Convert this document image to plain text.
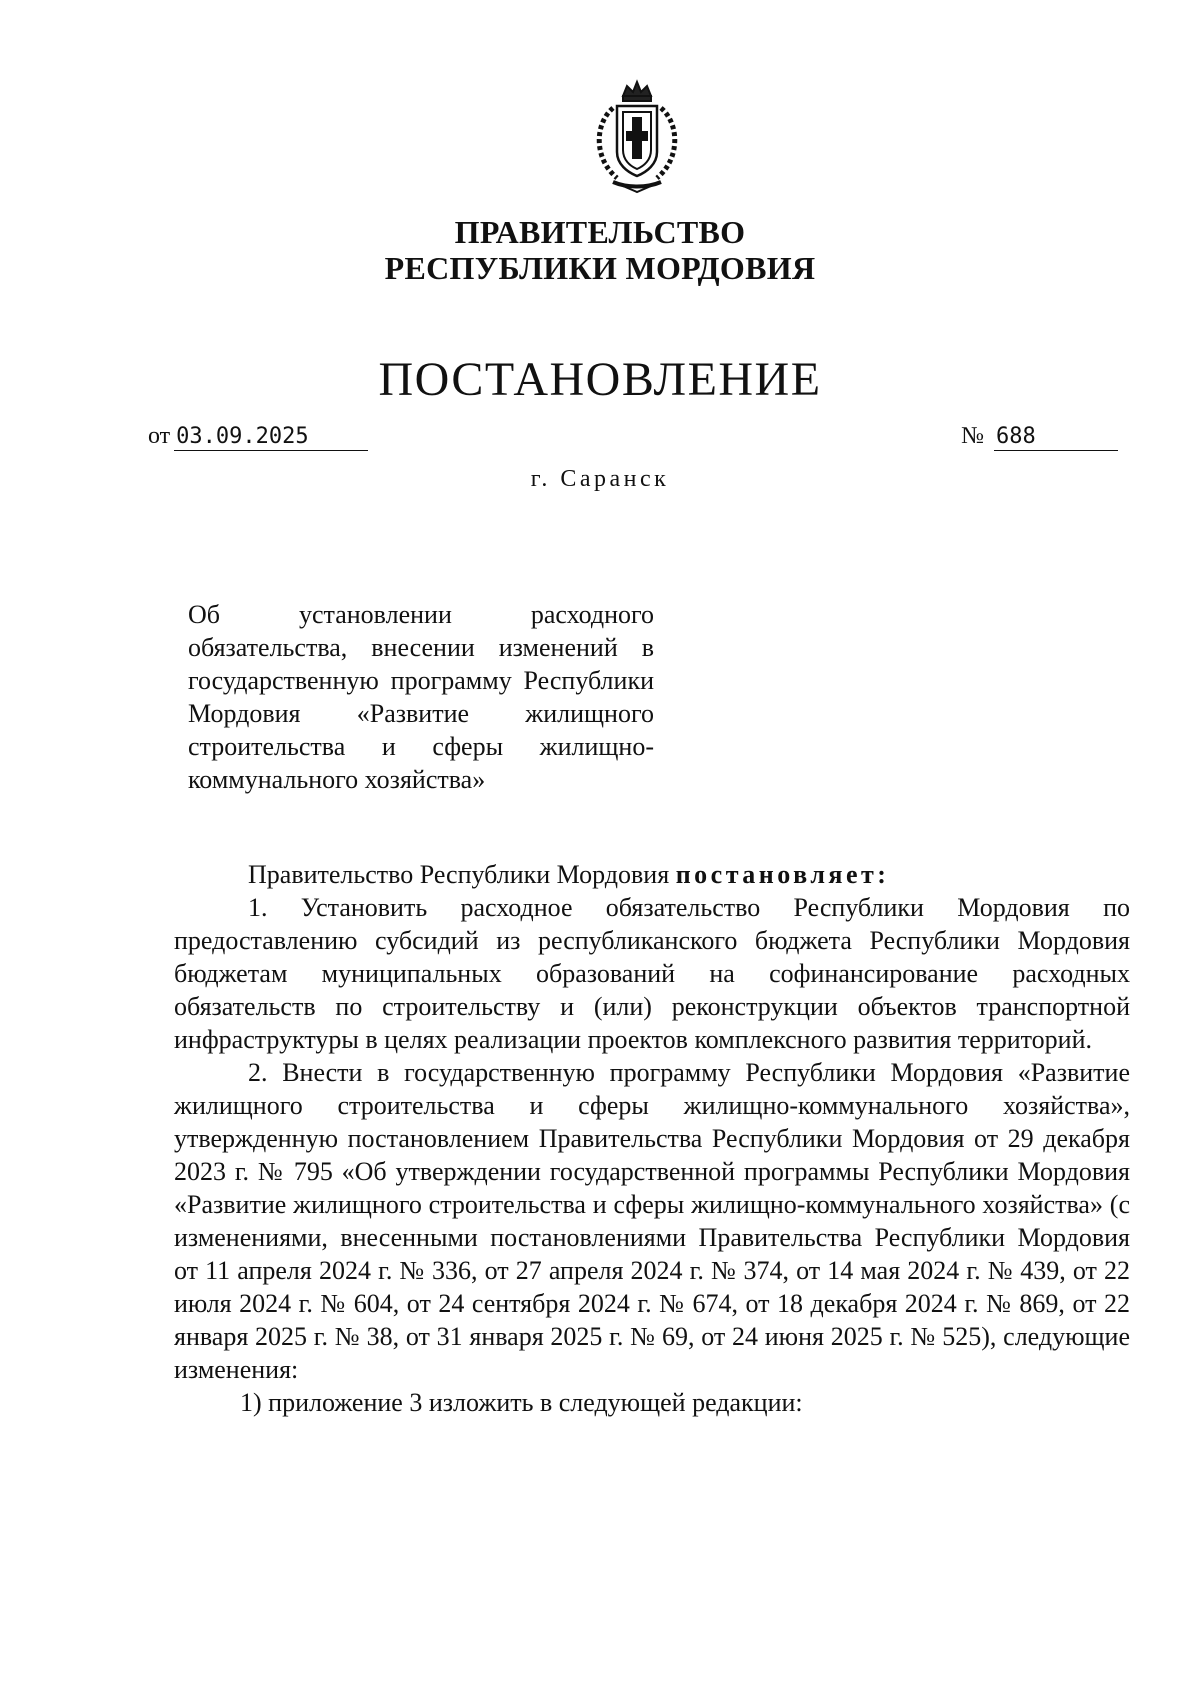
ПРАВИТЕЛЬСТВО
РЕСПУБЛИКИ МОРДОВИЯ
ПОСТАНОВЛЕНИЕ
от 03.09.2025	№ 688
г. Саранск
Об установлении расходного обязательства, внесении изменений в государственную программу Республики Мордовия «Развитие жилищного строительства и сферы жилищно-коммунального хозяйства»

Правительство Республики Мордовия постановляет:

1. Установить расходное обязательство Республики Мордовия по предоставлению субсидий из республиканского бюджета Республики Мордовия бюджетам муниципальных образований на софинансирование расходных обязательств по строительству и (или) реконструкции объектов транспортной инфраструктуры в целях реализации проектов комплексного развития территорий.

2. Внести в государственную программу Республики Мордовия «Развитие жилищного строительства и сферы жилищно-коммунального хозяйства», утвержденную постановлением Правительства Республики Мордовия от 29 декабря 2023 г. № 795 «Об утверждении государственной программы Республики Мордовия «Развитие жилищного строительства и сферы жилищно-коммунального хозяйства» (с изменениями, внесенными постановлениями Правительства Республики Мордовия от 11 апреля 2024 г. № 336, от 27 апреля 2024 г. № 374, от 14 мая 2024 г. № 439, от 22 июля 2024 г. № 604, от 24 сентября 2024 г. № 674, от 18 декабря 2024 г. № 869, от 22 января 2025 г. № 38, от 31 января 2025 г. № 69, от 24 июня 2025 г. № 525), следующие изменения:

1) приложение 3 изложить в следующей редакции:
